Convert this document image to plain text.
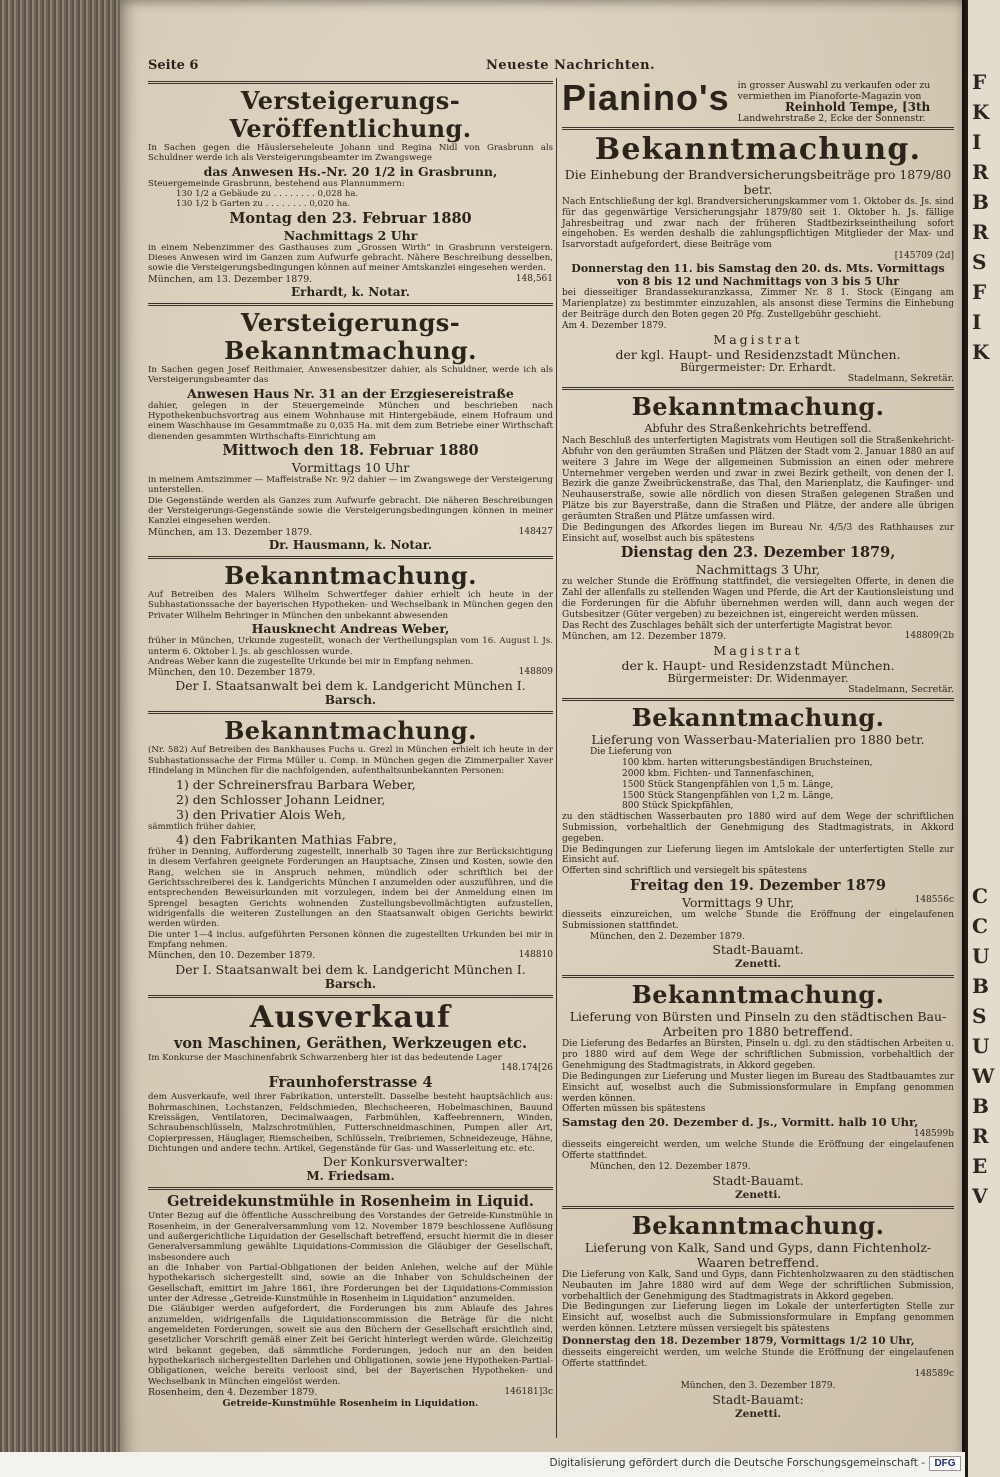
F
K
I
R
B
R
S
F
I
K
C
C
U
B
S
U
W
B
R
E
V
Seite 6	Neueste Nachrichten.
Versteigerungs-Veröffentlichung.

In Sachen gegen die Häuslerseheleute Johann und Regina Nidl von Grasbrunn als Schuldner werde ich als Versteigerungsbeamter im Zwangswege

das Anwesen Hs.-Nr. 20 1/2 in Grasbrunn,

Steuergemeinde Grasbrunn, bestehend aus Plannummern:

130 1/2 a Gebäude zu . . . . . . . . 0,028 ha.

130 1/2 b Garten zu . . . . . . . . 0,020 ha.

Montag den 23. Februar 1880
Nachmittags 2 Uhr

in einem Nebenzimmer des Gasthauses zum „Grossen Wirth“ in Grasbrunn versteigern. Dieses Anwesen wird im Ganzen zum Aufwurfe gebracht. Nähere Beschreibung desselben, sowie die Versteigerungsbedingungen können auf meiner Amtskanzlei eingesehen werden.

München, am 13. Dezember 1879.	148,561
Erhardt, k. Notar.
Versteigerungs-Bekanntmachung.

In Sachen gegen Josef Reithmaier, Anwesensbesitzer dahier, als Schuldner, werde ich als Versteigerungsbeamter das

Anwesen Haus Nr. 31 an der Erzgiesereistraße

dahier, gelegen in der Steuergemeinde München und beschrieben nach Hypothekenbuchsvortrag aus einem Wohnhause mit Hintergebäude, einem Hofraum und einem Waschhause im Gesammtmaße zu 0,035 Ha. mit dem zum Betriebe einer Wirthschaft dienenden gesammten Wirthschafts-Einrichtung am

Mittwoch den 18. Februar 1880
Vormittags 10 Uhr

in meinem Amtszimmer — Maffeistraße Nr. 9/2 dahier — im Zwangswege der Versteigerung unterstellen.

Die Gegenstände werden als Ganzes zum Aufwurfe gebracht. Die näheren Beschreibungen der Versteigerungs-Gegenstände sowie die Versteigerungsbedingungen können in meiner Kanzlei eingesehen werden.

München, am 13. Dezember 1879.	148427
Dr. Hausmann, k. Notar.
Bekanntmachung.

Auf Betreiben des Malers Wilhelm Schwertfeger dahier erhielt ich heute in der Subhastationssache der bayerischen Hypotheken- und Wechselbank in München gegen den Privater Wilhelm Behringer in München den unbekannt abwesenden

Hausknecht Andreas Weber,

früher in München, Urkunde zugestellt, wonach der Vertheilungsplan vom 16. August l. Js. unterm 6. Oktober l. Js. ab geschlossen wurde.

Andreas Weber kann die zugestellte Urkunde bei mir in Empfang nehmen.

München, den 10. Dezember 1879.	148809
Der I. Staatsanwalt bei dem k. Landgericht München I.
Barsch.
Bekanntmachung.

(Nr. 582) Auf Betreiben des Bankhauses Fuchs u. Grezl in München erhielt ich heute in der Subhastationssache der Firma Müller u. Comp. in München gegen die Zimmerpalier Xaver Hindelang in München für die nachfolgenden, aufenthaltsunbekannten Personen:

1) der Schreinersfrau Barbara Weber,
2) den Schlosser Johann Leidner,
3) den Privatier Alois Weh,

sämmtlich früher dahier,

4) den Fabrikanten Mathias Fabre,

früher in Denning, Aufforderung zugestellt, innerhalb 30 Tagen ihre zur Berücksichtigung in diesem Verfahren geeignete Forderungen an Hauptsache, Zinsen und Kosten, sowie den Rang, welchen sie in Anspruch nehmen, mündlich oder schriftlich bei der Gerichtsschreiberei des k. Landgerichts München I anzumelden oder auszuführen, und die entsprechenden Beweisurkunden mit vorzulegen, indem bei der Anmeldung einen im Sprengel besagten Gerichts wohnenden Zustellungsbevollmächtigten aufzustellen, widrigenfalls die weiteren Zustellungen an den Staatsanwalt obigen Gerichts bewirkt werden würden.

Die unter 1—4 inclus. aufgeführten Personen können die zugestellten Urkunden bei mir in Empfang nehmen.

München, den 10. Dezember 1879.	148810
Der I. Staatsanwalt bei dem k. Landgericht München I.
Barsch.
Ausverkauf
von Maschinen, Geräthen, Werkzeugen etc.

Im Konkurse der Maschinenfabrik Schwarzenberg hier ist das bedeutende Lager

148.174[26
Fraunhoferstrasse 4

dem Ausverkaufe, weil ihrer Fabrikation, unterstellt. Dasselbe besteht hauptsächlich aus: Bohrmaschinen, Lochstanzen, Feldschmieden, Blechscheeren, Hobelmaschinen, Bauund Kreissägen, Ventilatoren, Decimalwaagen, Farbmühlen, Kaffeebrennern, Winden, Schraubenschlüsseln, Malzschrotmühlen, Futterschneidmaschinen, Pumpen aller Art, Copierpressen, Häuglager, Riemscheiben, Schlüsseln, Treibriemen, Schneidezeuge, Hähne, Dichtungen und andere techn. Artikel, Gegenstände für Gas- und Wasserleitung etc. etc.

Der Konkursverwalter:
M. Friedsam.
Getreidekunstmühle in Rosenheim in Liquid.

Unter Bezug auf die öffentliche Ausschreibung des Vorstandes der Getreide-Kunstmühle in Rosenheim, in der Generalversammlung vom 12. November 1879 beschlossene Auflösung und außergerichtliche Liquidation der Gesellschaft betreffend, ersucht hiermit die in dieser Generalversammlung gewählte Liquidations-Commission die Gläubiger der Gesellschaft, insbesondere auch

an die Inhaber von Partial-Obligationen der beiden Anlehen, welche auf der Mühle hypothekarisch sichergestellt sind, sowie an die Inhaber von Schuldscheinen der Gesellschaft, emittirt im Jahre 1861, ihre Forderungen bei der Liquidations-Commission unter der Adresse „Getreide-Kunstmühle in Rosenheim in Liquidation“ anzumelden.

Die Gläubiger werden aufgefordert, die Forderungen bis zum Ablaufe des Jahres anzumelden, widrigenfalls die Liquidationscommission die Beträge für die nicht angemeldeten Forderungen, soweit sie aus den Büchern der Gesellschaft ersichtlich sind, gesetzlicher Vorschrift gemäß einer Zeit bei Gericht hinterlegt werden würde. Gleichzeitig wird bekannt gegeben, daß sämmtliche Forderungen, jedoch nur an den beiden hypothekarisch sichergestellten Darlehen und Obligationen, sowie jene Hypotheken-Partial-Obligationen, welche bereits verloost sind, bei der Bayerischen Hypotheken- und Wechselbank in München eingelöst werden.

Rosenheim, den 4. Dezember 1879.	146181]3c
Getreide-Kunstmühle Rosenheim in Liquidation.
Pianino's in grosser Auswahl zu verkaufen oder zu
vermiethen im Pianoforte-Magazin von
Reinhold Tempe, [3th
Landwehrstraße 2, Ecke der Sonnenstr.
Bekanntmachung.
Die Einhebung der Brandversicherungsbeiträge pro 1879/80 betr.

Nach Entschließung der kgl. Brandversicherungskammer vom 1. Oktober ds. Js. sind für das gegenwärtige Versicherungsjahr 1879/80 seit 1. Oktober h. Js. fällige Jahresbeitrag und zwar nach der früheren Stadtbezirkseintheilung sofort eingehoben. Es werden deshalb die zahlungspflichtigen Mitglieder der Max- und Isarvorstadt aufgefordert, diese Beiträge vom

[145709 (2d]
Donnerstag den 11. bis Samstag den 20. ds. Mts. Vormittags von 8 bis 12 und Nachmittags von 3 bis 5 Uhr

bei diesseitiger Brandassekuranzkassa, Zimmer Nr. 8 1. Stock (Eingang am Marienplatze) zu bestimmter einzuzahlen, als ansonst diese Termins die Einhebung der Beiträge durch den Boten gegen 20 Pfg. Zustellgebühr geschieht.

Am 4. Dezember 1879.

Magistrat
der kgl. Haupt- und Residenzstadt München.
Bürgermeister: Dr. Erhardt.
Stadelmann, Sekretär.
Bekanntmachung.
Abfuhr des Straßenkehrichts betreffend.

Nach Beschluß des unterfertigten Magistrats vom Heutigen soll die Straßenkehricht-Abfuhr von den geräumten Straßen und Plätzen der Stadt vom 2. Januar 1880 an auf weitere 3 Jahre im Wege der allgemeinen Submission an einen oder mehrere Unternehmer vergeben werden und zwar in zwei Bezirk getheilt, von denen der I. Bezirk die ganze Zweibrückenstraße, das Thal, den Marienplatz, die Kaufinger- und Neuhauserstraße, sowie alle nördlich von diesen Straßen gelegenen Straßen und Plätze bis zur Bayerstraße, dann die Straßen und Plätze, der andere alle übrigen geräumten Straßen und Plätze umfassen wird.

Die Bedingungen des Afkordes liegen im Bureau Nr. 4/5/3 des Rathhauses zur Einsicht auf, woselbst auch bis spätestens

Dienstag den 23. Dezember 1879,
Nachmittags 3 Uhr,

zu welcher Stunde die Eröffnung stattfindet, die versiegelten Offerte, in denen die Zahl der allenfalls zu stellenden Wagen und Pferde, die Art der Kautionsleistung und die Forderungen für die Abfuhr übernehmen werden will, dann auch wegen der Gutsbesitzer (Güter vergeben) zu bezeichnen ist, eingereicht werden müssen.

Das Recht des Zuschlages behält sich der unterfertigte Magistrat bevor.

München, am 12. Dezember 1879.	148809(2b
Magistrat
der k. Haupt- und Residenzstadt München.
Bürgermeister: Dr. Widenmayer.
Stadelmann, Secretär.
Bekanntmachung.
Lieferung von Wasserbau-Materialien pro 1880 betr.

Die Lieferung von

100 kbm. harten witterungsbeständigen Bruchsteinen,

2000 kbm. Fichten- und Tannenfaschinen,

1500 Stück Stangenpfählen von 1,5 m. Länge,

1500 Stück Stangenpfählen von 1,2 m. Länge,

800 Stück Spickpfählen,

zu den städtischen Wasserbauten pro 1880 wird auf dem Wege der schriftlichen Submission, vorbehaltlich der Genehmigung des Stadtmagistrats, in Akkord gegeben.

Die Bedingungen zur Lieferung liegen im Amtslokale der unterfertigten Stelle zur Einsicht auf.

Offerten sind schriftlich und versiegelt bis spätestens

Freitag den 19. Dezember 1879
Vormittags 9 Uhr,	148556c

diesseits einzureichen, um welche Stunde die Eröffnung der eingelaufenen Submissionen stattfindet.

München, den 2. Dezember 1879.

Stadt-Bauamt.
Zenetti.
Bekanntmachung.
Lieferung von Bürsten und Pinseln zu den städtischen Bau-Arbeiten pro 1880 betreffend.

Die Lieferung des Bedarfes an Bürsten, Pinseln u. dgl. zu den städtischen Arbeiten u. pro 1880 wird auf dem Wege der schriftlichen Submission, vorbehaltlich der Genehmigung des Stadtmagistrats, in Akkord gegeben.

Die Bedingungen zur Lieferung und Muster liegen im Bureau des Stadtbauamtes zur Einsicht auf, woselbst auch die Submissionsformulare in Empfang genommen werden können.

Offerten müssen bis spätestens

Samstag den 20. Dezember d. Js., Vormitt. halb 10 Uhr,
148599b

diesseits eingereicht werden, um welche Stunde die Eröffnung der eingelaufenen Offerte stattfindet.

München, den 12. Dezember 1879.

Stadt-Bauamt.
Zenetti.
Bekanntmachung.
Lieferung von Kalk, Sand und Gyps, dann Fichtenholz-Waaren betreffend.

Die Lieferung von Kalk, Sand und Gyps, dann Fichtenholzwaaren zu den städtischen Neubauten im Jahre 1880 wird auf dem Wege der schriftlichen Submission, vorbehaltlich der Genehmigung des Stadtmagistrats in Akkord gegeben.

Die Bedingungen zur Lieferung liegen im Lokale der unterfertigten Stelle zur Einsicht auf, woselbst auch die Submissionsformulare in Empfang genommen werden können. Letztere müssen versiegelt bis spätestens

Donnerstag den 18. Dezember 1879, Vormittags 1/2 10 Uhr,

diesseits eingereicht werden, um welche Stunde die Eröffnung der eingelaufenen Offerte stattfindet.

148589c

München, den 3. Dezember 1879.

Stadt-Bauamt:
Zenetti.
Digitalisierung gefördert durch die Deutsche Forschungsgemeinschaft - DFG
